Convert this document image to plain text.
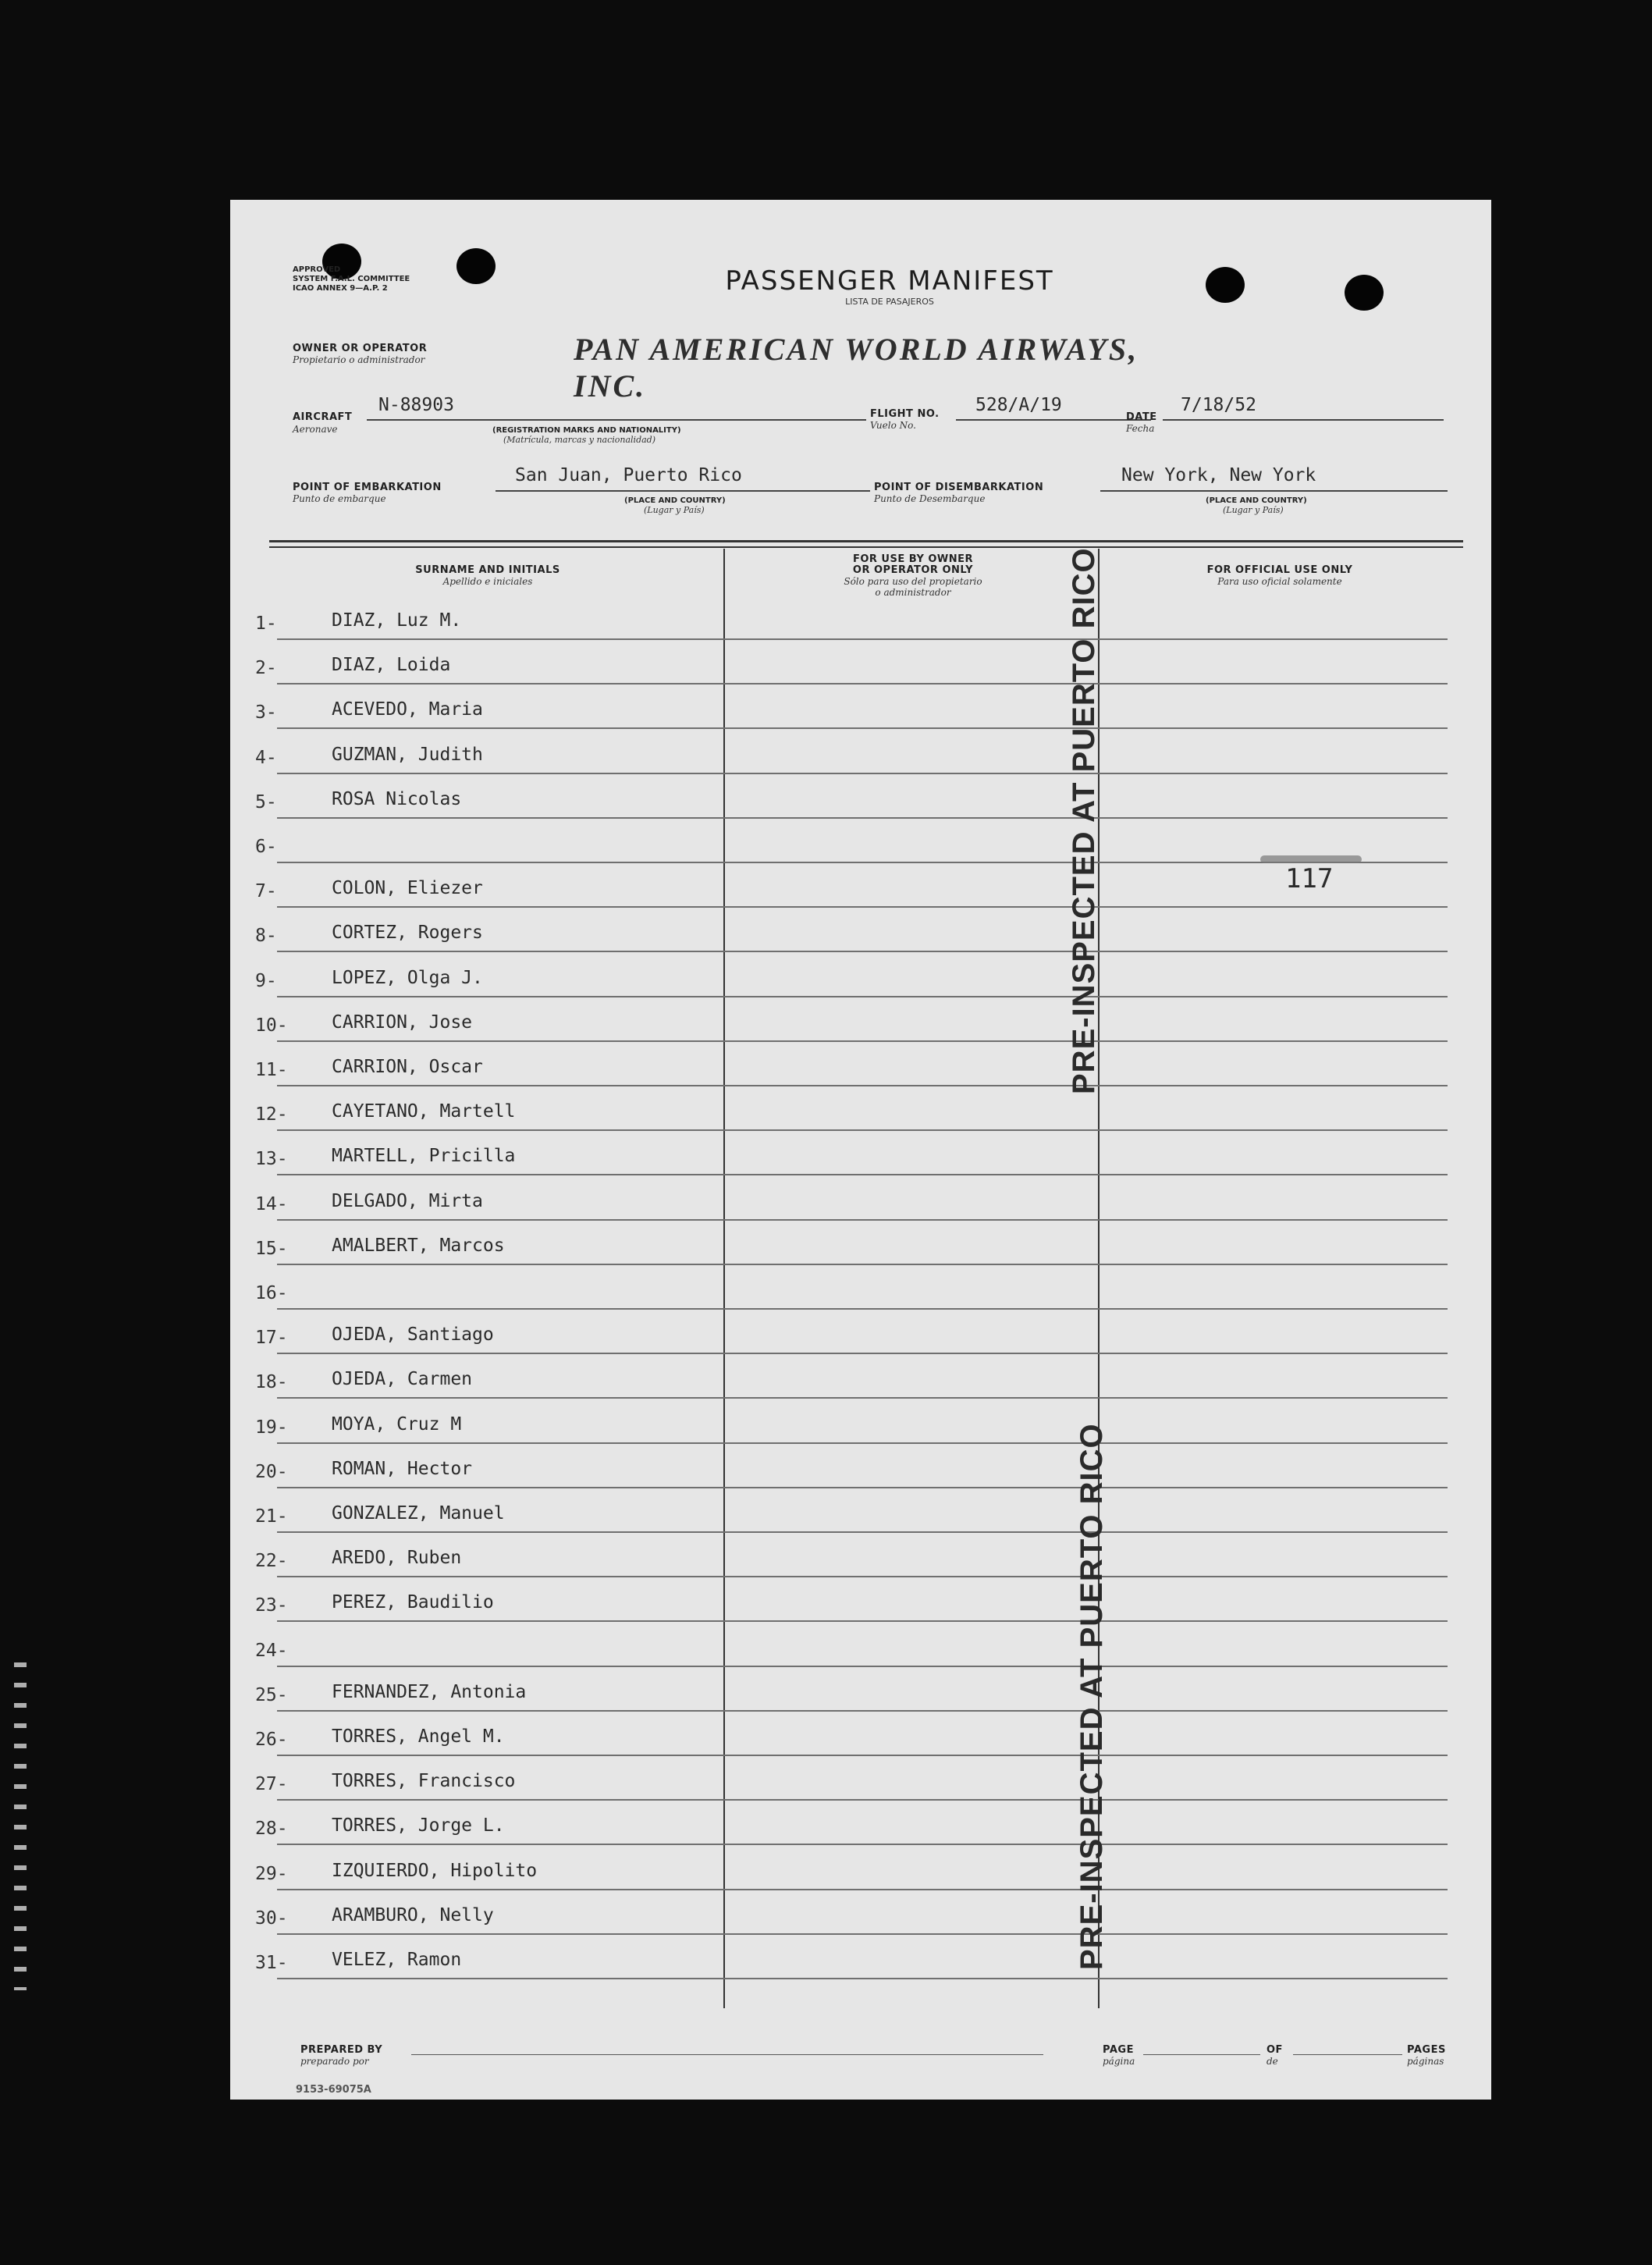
APPROVED
SYSTEM F.A.L. COMMITTEE
ICAO ANNEX 9—A.P. 2	PASSENGER MANIFEST
LISTA DE PASAJEROS
OWNER OR OPERATOR
Propietario o administrador	PAN AMERICAN WORLD AIRWAYS, INC.
AIRCRAFT
Aeronave
N-88903
(REGISTRATION MARKS AND NATIONALITY)
(Matrícula, marcas y nacionalidad)
FLIGHT NO.
Vuelo No.
528/A/19
DATE
Fecha
7/18/52
POINT OF EMBARKATION
Punto de embarque
San Juan, Puerto Rico
(PLACE AND COUNTRY)
(Lugar y País)
POINT OF DISEMBARKATION
Punto de Desembarque
New York, New York
(PLACE AND COUNTRY)
(Lugar y País)
SURNAME AND INITIALS
Apellido e iniciales
FOR USE BY OWNER
OR OPERATOR ONLY
Sólo para uso del propietario
o administrador
FOR OFFICIAL USE ONLY
Para uso oficial solamente
1-	DIAZ, Luz M.
2-	DIAZ, Loida
3-	ACEVEDO, Maria
4-	GUZMAN, Judith
5-	ROSA Nicolas
6-
7-	COLON, Eliezer
8-	CORTEZ, Rogers
9-	LOPEZ, Olga J.
10-	CARRION, Jose
11-	CARRION, Oscar
12-	CAYETANO, Martell
13-	MARTELL, Pricilla
14-	DELGADO, Mirta
15-	AMALBERT, Marcos
16-
17-	OJEDA, Santiago
18-	OJEDA, Carmen
19-	MOYA, Cruz M
20-	ROMAN, Hector
21-	GONZALEZ, Manuel
22-	AREDO, Ruben
23-	PEREZ, Baudilio
24-
25-	FERNANDEZ, Antonia
26-	TORRES, Angel M.
27-	TORRES, Francisco
28-	TORRES, Jorge L.
29-	IZQUIERDO, Hipolito
30-	ARAMBURO, Nelly
31-	VELEZ, Ramon
PRE-INSPECTED AT PUERTO RICO
PRE-INSPECTED AT PUERTO RICO
117
PREPARED BY
preparado por
PAGE
página
OF
de
PAGES
páginas
9153-69075A
